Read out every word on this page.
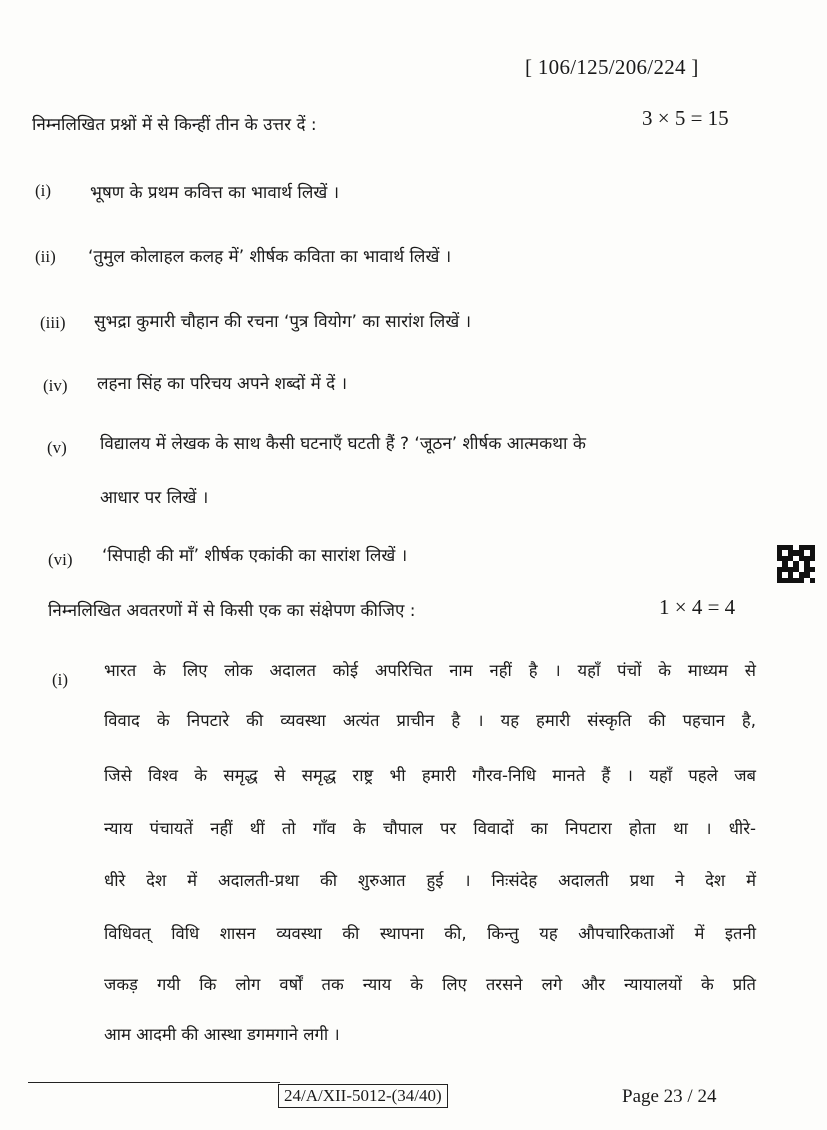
[ 106/125/206/224 ]
निम्नलिखित प्रश्नों में से किन्हीं तीन के उत्तर दें :	3 × 5 = 15
(i) भूषण के प्रथम कवित्त का भावार्थ लिखें ।
(ii) ‘तुमुल कोलाहल कलह में’ शीर्षक कविता का भावार्थ लिखें ।
(iii) सुभद्रा कुमारी चौहान की रचना ‘पुत्र वियोग’ का सारांश लिखें ।
(iv) लहना सिंह का परिचय अपने शब्दों में दें ।
(v) विद्यालय में लेखक के साथ कैसी घटनाएँ घटती हैं ? ‘जूठन’ शीर्षक आत्मकथा के
आधार पर लिखें ।
(vi) ‘सिपाही की माँ’ शीर्षक एकांकी का सारांश लिखें ।
निम्नलिखित अवतरणों में से किसी एक का संक्षेपण कीजिए :	1 × 4 = 4
(i) भारत के लिए लोक अदालत कोई अपरिचित नाम नहीं है । यहाँ पंचों के माध्यम से
विवाद के निपटारे की व्यवस्था अत्यंत प्राचीन है । यह हमारी संस्कृति की पहचान है,
जिसे विश्व के समृद्ध से समृद्ध राष्ट्र भी हमारी गौरव-निधि मानते हैं । यहाँ पहले जब
न्याय पंचायतें नहीं थीं तो गाँव के चौपाल पर विवादों का निपटारा होता था । धीरे-
धीरे देश में अदालती-प्रथा की शुरुआत हुई । निःसंदेह अदालती प्रथा ने देश में
विधिवत् विधि शासन व्यवस्था की स्थापना की, किन्तु यह औपचारिकताओं में इतनी
जकड़ गयी कि लोग वर्षों तक न्याय के लिए तरसने लगे और न्यायालयों के प्रति
आम आदमी की आस्था डगमगाने लगी ।
24/A/XII-5012-(34/40)	Page 23 / 24
